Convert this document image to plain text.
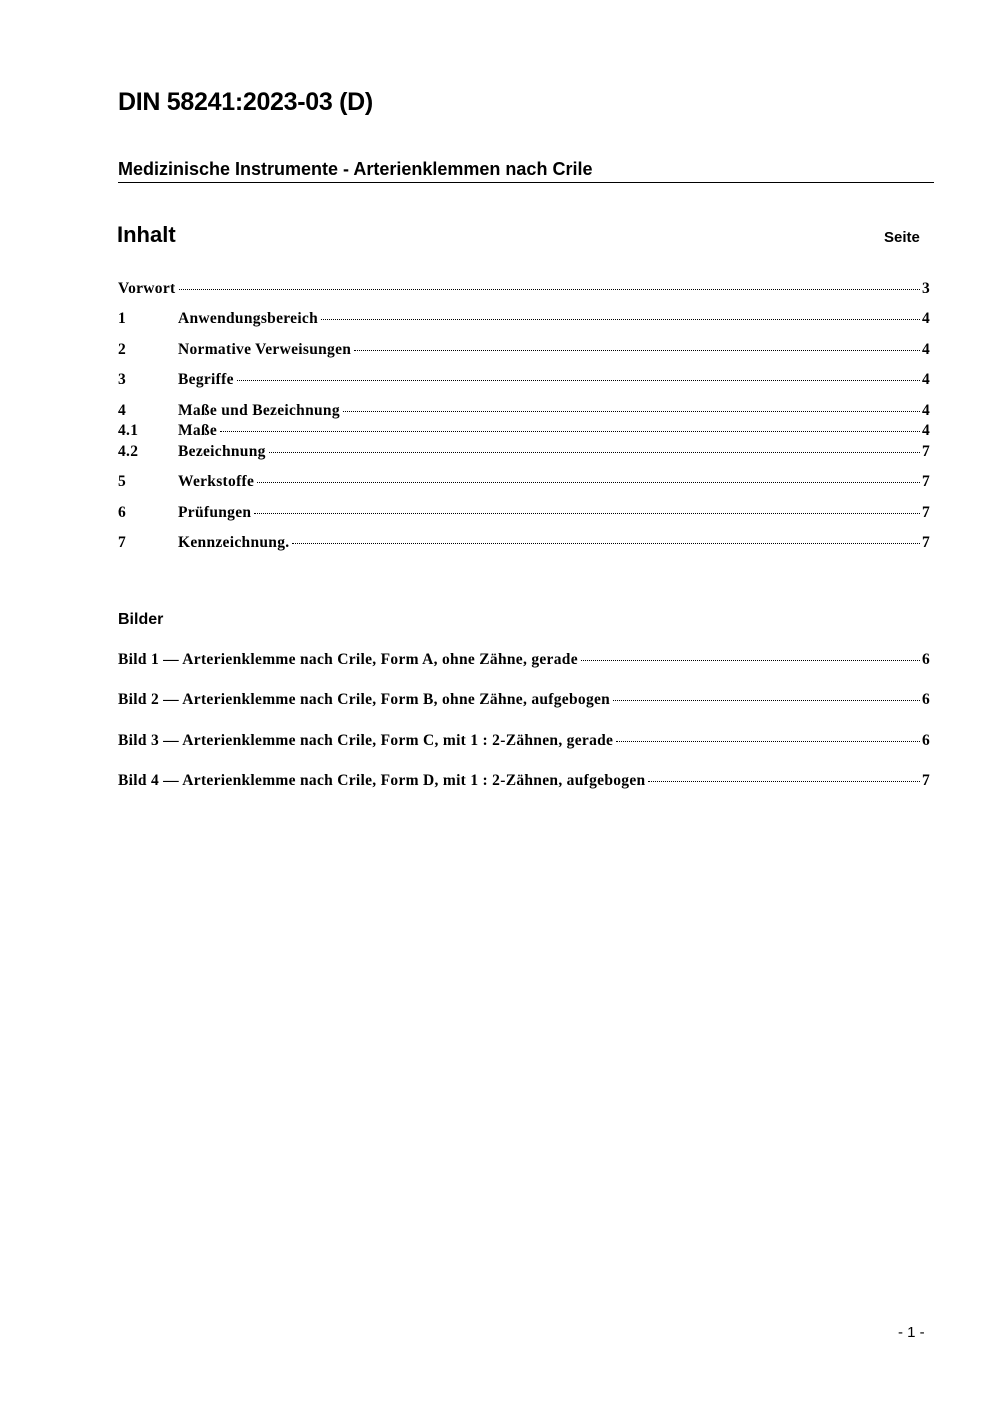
DIN 58241:2023-03 (D)
Medizinische Instrumente - Arterienklemmen nach Crile
Inhalt	Seite
Vorwort	3
1	Anwendungsbereich	4
2	Normative Verweisungen	4
3	Begriffe	4
4	Maße und Bezeichnung	4
4.1	Maße	4
4.2	Bezeichnung	7
5	Werkstoffe	7
6	Prüfungen	7
7	Kennzeichnung.	7
Bilder
Bild 1 — Arterienklemme nach Crile, Form A, ohne Zähne, gerade	6
Bild 2 — Arterienklemme nach Crile, Form B, ohne Zähne, aufgebogen	6
Bild 3 — Arterienklemme nach Crile, Form C, mit 1 : 2-Zähnen, gerade	6
Bild 4 — Arterienklemme nach Crile, Form D, mit 1 : 2-Zähnen, aufgebogen	7
- 1 -
